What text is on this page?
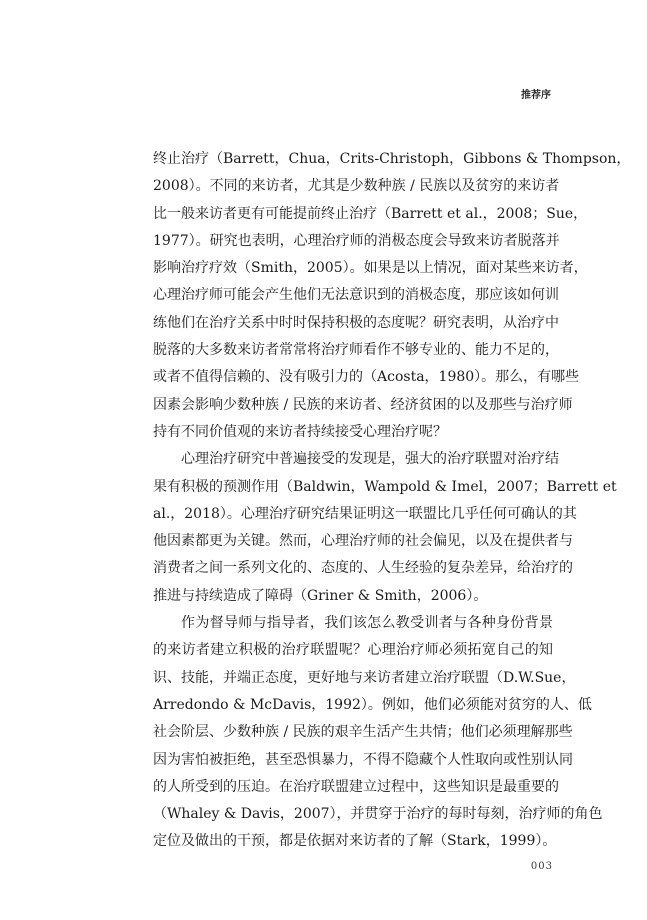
推荐序
终止治疗（Barrett，Chua，Crits-Christoph，Gibbons & Thompson，
2008）。不同的来访者，尤其是少数种族 / 民族以及贫穷的来访者
比一般来访者更有可能提前终止治疗（Barrett et al.，2008；Sue，
1977）。研究也表明，心理治疗师的消极态度会导致来访者脱落并
影响治疗疗效（Smith，2005）。如果是以上情况，面对某些来访者，
心理治疗师可能会产生他们无法意识到的消极态度，那应该如何训
练他们在治疗关系中时时保持积极的态度呢？研究表明，从治疗中
脱落的大多数来访者常常将治疗师看作不够专业的、能力不足的，
或者不值得信赖的、没有吸引力的（Acosta，1980）。那么，有哪些
因素会影响少数种族 / 民族的来访者、经济贫困的以及那些与治疗师
持有不同价值观的来访者持续接受心理治疗呢？
心理治疗研究中普遍接受的发现是，强大的治疗联盟对治疗结
果有积极的预测作用（Baldwin，Wampold & Imel，2007；Barrett et
al.，2018）。心理治疗研究结果证明这一联盟比几乎任何可确认的其
他因素都更为关键。然而，心理治疗师的社会偏见，以及在提供者与
消费者之间一系列文化的、态度的、人生经验的复杂差异，给治疗的
推进与持续造成了障碍（Griner & Smith，2006）。
作为督导师与指导者，我们该怎么教受训者与各种身份背景
的来访者建立积极的治疗联盟呢？心理治疗师必须拓宽自己的知
识、技能，并端正态度，更好地与来访者建立治疗联盟（D.W.Sue，
Arredondo & McDavis，1992）。例如，他们必须能对贫穷的人、低
社会阶层、少数种族 / 民族的艰辛生活产生共情；他们必须理解那些
因为害怕被拒绝，甚至恐惧暴力，不得不隐藏个人性取向或性别认同
的人所受到的压迫。在治疗联盟建立过程中，这些知识是最重要的
（Whaley & Davis，2007），并贯穿于治疗的每时每刻，治疗师的角色
定位及做出的干预，都是依据对来访者的了解（Stark，1999）。
003
